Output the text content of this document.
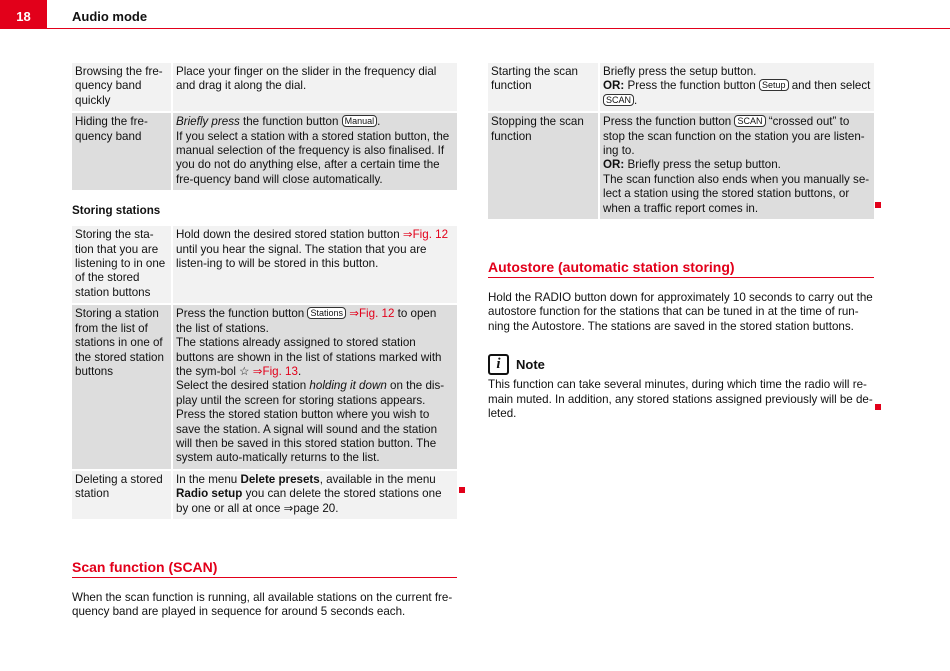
18	Audio mode
Browsing the fre-quency band quickly	Place your finger on the slider in the frequency dial and drag it along the dial.
Hiding the fre-quency band	Briefly press the function button Manual .
If you select a station with a stored station button, the manual selection of the frequency is also finalised. If you do not do anything else, after a certain time the fre-quency band will close automatically.
Storing stations
Storing the sta-tion that you are listening to in one of the stored station buttons	Hold down the desired stored station button ⇒Fig. 12 until you hear the signal. The station that you are listen-ing to will be stored in this button.
Storing a station from the list of stations in one of the stored station buttons	Press the function button Stations ⇒Fig. 12 to open the list of stations.
The stations already assigned to stored station buttons are shown in the list of stations marked with the sym-bol ☆ ⇒Fig. 13.
Select the desired station holding it down on the dis-play until the screen for storing stations appears.
Press the stored station button where you wish to save the station. A signal will sound and the station will then be saved in this stored station button. The system auto-matically returns to the list.
Deleting a stored station	In the menu Delete presets, available in the menu Radio setup you can delete the stored stations one by one or all at once ⇒page 20.
Scan function (SCAN)
When the scan function is running, all available stations on the current fre-quency band are played in sequence for around 5 seconds each.
Starting the scan function	Briefly press the setup button.
OR: Press the function button Setup and then select SCAN .
Stopping the scan function	Press the function button SCAN “crossed out” to stop the scan function on the station you are listen-ing to.
OR: Briefly press the setup button.
The scan function also ends when you manually se-lect a station using the stored station buttons, or when a traffic report comes in.
Autostore (automatic station storing)
Hold the RADIO button down for approximately 10 seconds to carry out the autostore function for the stations that can be tuned in at the time of run-ning the Autostore. The stations are saved in the stored station buttons.
i	Note
This function can take several minutes, during which time the radio will re-main muted. In addition, any stored stations assigned previously will be de-leted.
